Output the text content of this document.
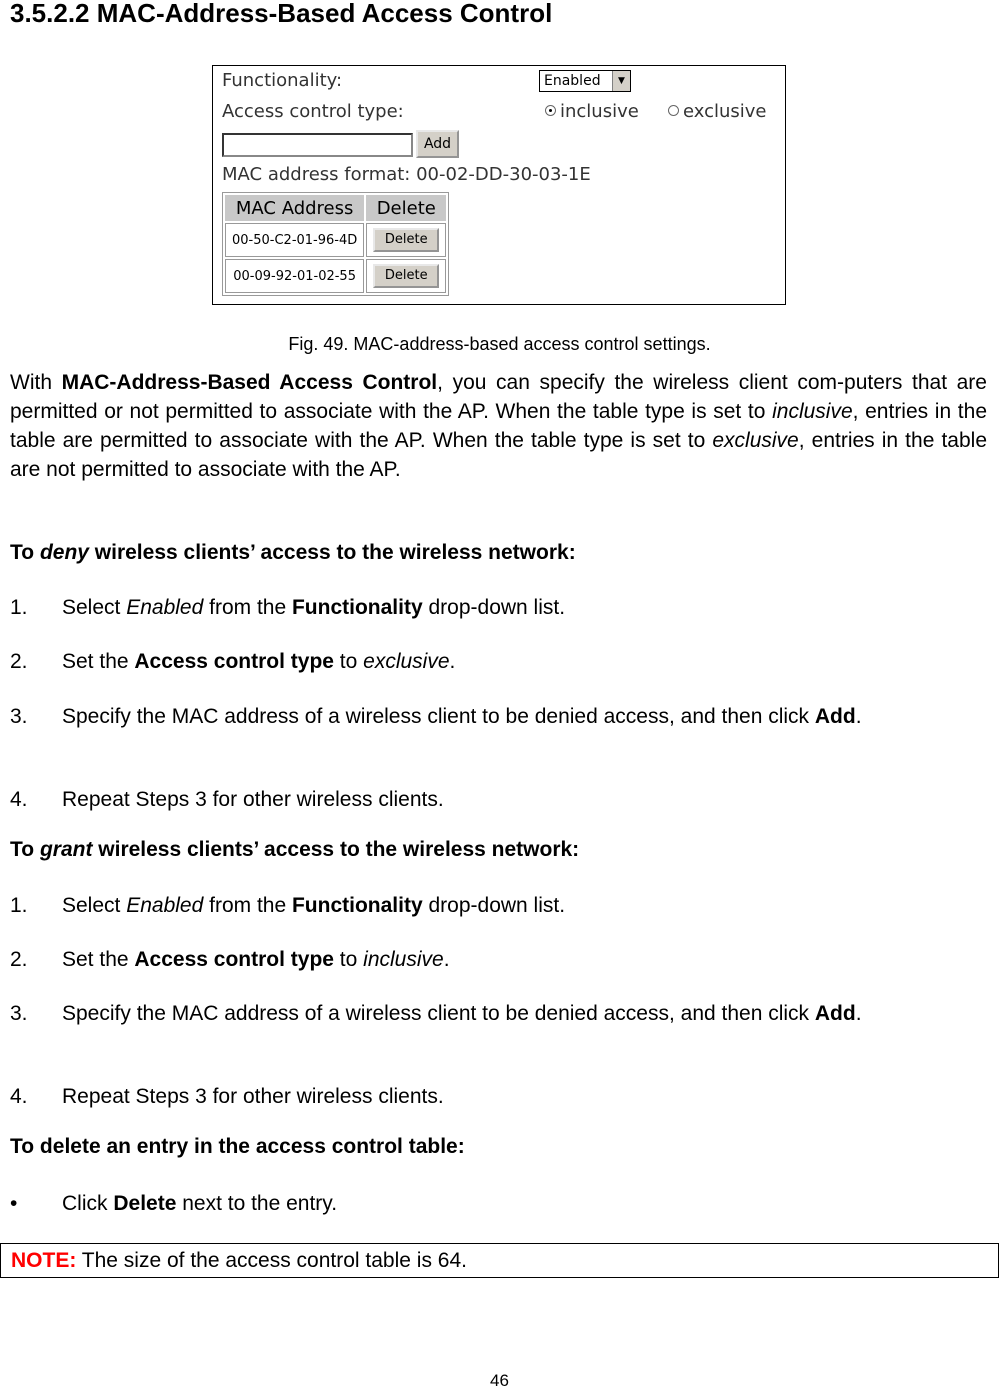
3.5.2.2 MAC-Address-Based Access Control
Functionality:	Enabled	▼
Access control type:	inclusive	exclusive
Add
MAC address format: 00-02-DD-30-03-1E
MAC Address	Delete
00-50-C2-01-96-4D	Delete
00-09-92-01-02-55	Delete
Fig. 49. MAC-address-based access control settings.
With MAC-Address-Based Access Control, you can specify the wireless client com-puters that are permitted or not permitted to associate with the AP. When the table type is set to inclusive, entries in the table are permitted to associate with the AP. When the table type is set to exclusive, entries in the table are not permitted to associate with the AP.
To deny wireless clients’ access to the wireless network:
1. Select Enabled from the Functionality drop-down list.
2. Set the Access control type to exclusive.
3. Specify the MAC address of a wireless client to be denied access, and then click Add.
4. Repeat Steps 3 for other wireless clients.
To grant wireless clients’ access to the wireless network:
1. Select Enabled from the Functionality drop-down list.
2. Set the Access control type to inclusive.
3. Specify the MAC address of a wireless client to be denied access, and then click Add.
4. Repeat Steps 3 for other wireless clients.
To delete an entry in the access control table:
• Click Delete next to the entry.
NOTE: The size of the access control table is 64.
46
